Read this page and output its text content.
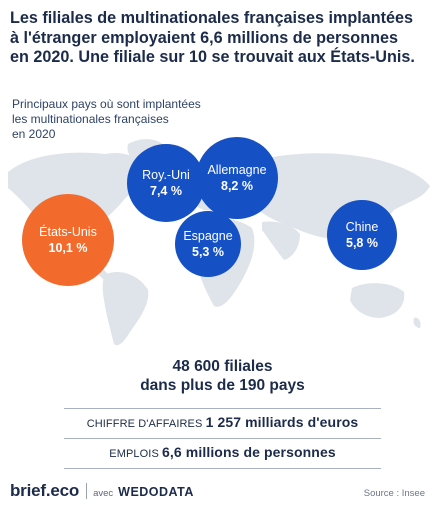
Les filiales de multinationales françaises implantées
à l'étranger employaient 6,6 millions de personnes
en 2020. Une filiale sur 10 se trouvait aux États-Unis.
Principaux pays où sont implantées
les multinationales françaises
en 2020
États-Unis
10,1 %
Roy.-Uni
7,4 %
Allemagne
8,2 %
Espagne
5,3 %
Chine
5,8 %
48 600 filiales
dans plus de 190 pays
CHIFFRE D'AFFAIRES 1 257 milliards d'euros
EMPLOIS 6,6 millions de personnes
brief.eco avec WEDODATA	Source : Insee
